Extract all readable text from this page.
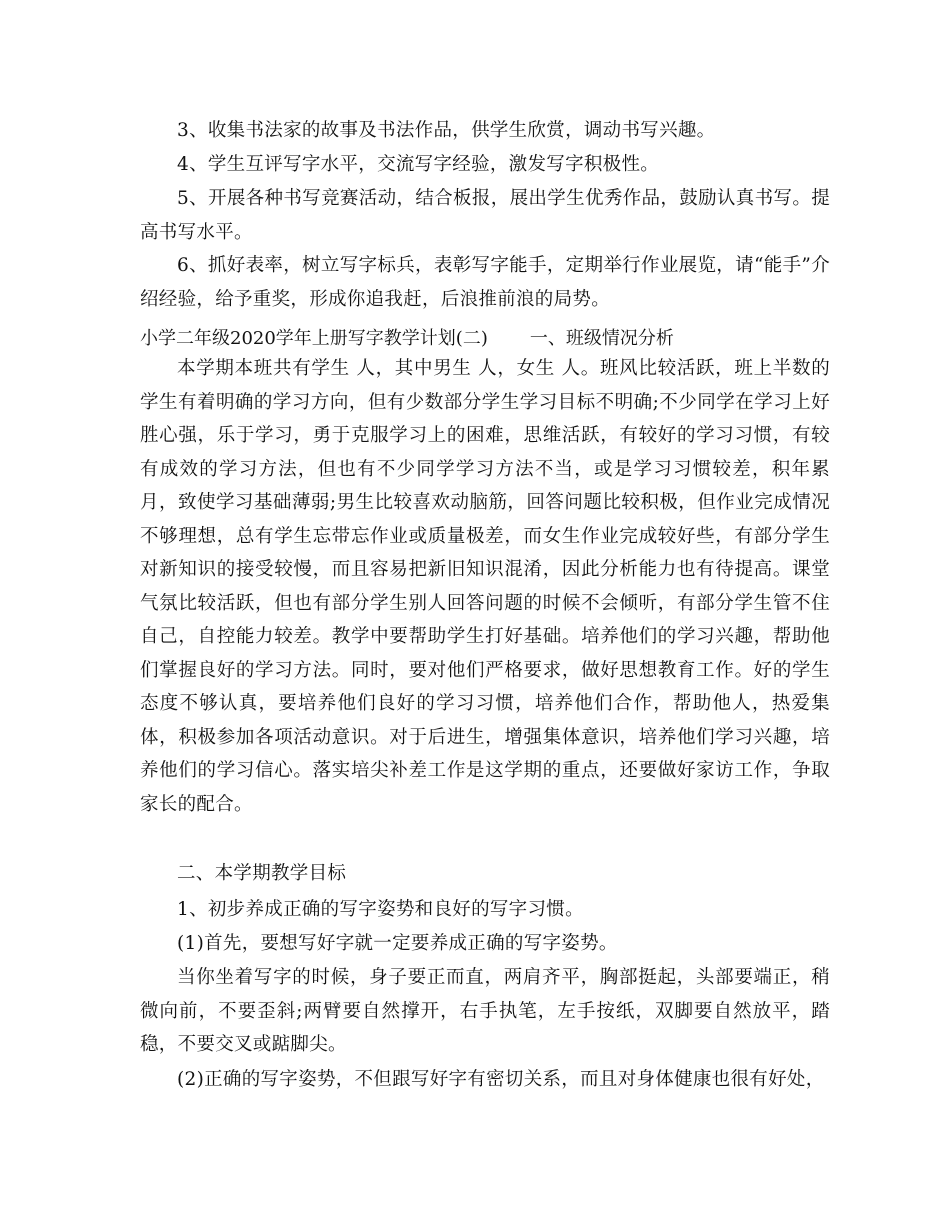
3、收集书法家的故事及书法作品，供学生欣赏，调动书写兴趣。

4、学生互评写字水平，交流写字经验，激发写字积极性。

5、开展各种书写竞赛活动，结合板报，展出学生优秀作品，鼓励认真书写。提高书写水平。

6、抓好表率，树立写字标兵，表彰写字能手，定期举行作业展览，请“能手”介绍经验，给予重奖，形成你追我赶，后浪推前浪的局势。

小学二年级2020学年上册写字教学计划(二) 一、班级情况分析

本学期本班共有学生 人，其中男生 人，女生 人。班风比较活跃，班上半数的学生有着明确的学习方向，但有少数部分学生学习目标不明确;不少同学在学习上好胜心强，乐于学习，勇于克服学习上的困难，思维活跃，有较好的学习习惯，有较有成效的学习方法，但也有不少同学学习方法不当，或是学习习惯较差，积年累月，致使学习基础薄弱;男生比较喜欢动脑筋，回答问题比较积极，但作业完成情况不够理想，总有学生忘带忘作业或质量极差，而女生作业完成较好些，有部分学生对新知识的接受较慢，而且容易把新旧知识混淆，因此分析能力也有待提高。课堂气氛比较活跃，但也有部分学生别人回答问题的时候不会倾听，有部分学生管不住自己，自控能力较差。教学中要帮助学生打好基础。培养他们的学习兴趣，帮助他们掌握良好的学习方法。同时，要对他们严格要求，做好思想教育工作。好的学生态度不够认真，要培养他们良好的学习习惯，培养他们合作，帮助他人，热爱集体，积极参加各项活动意识。对于后进生，增强集体意识，培养他们学习兴趣，培养他们的学习信心。落实培尖补差工作是这学期的重点，还要做好家访工作，争取家长的配合。

二、本学期教学目标

1、初步养成正确的写字姿势和良好的写字习惯。

(1)首先，要想写好字就一定要养成正确的写字姿势。

当你坐着写字的时候，身子要正而直，两肩齐平，胸部挺起，头部要端正，稍微向前，不要歪斜;两臂要自然撑开，右手执笔，左手按纸，双脚要自然放平，踏稳，不要交叉或踮脚尖。

(2)正确的写字姿势，不但跟写好字有密切关系，而且对身体健康也很有好处，
